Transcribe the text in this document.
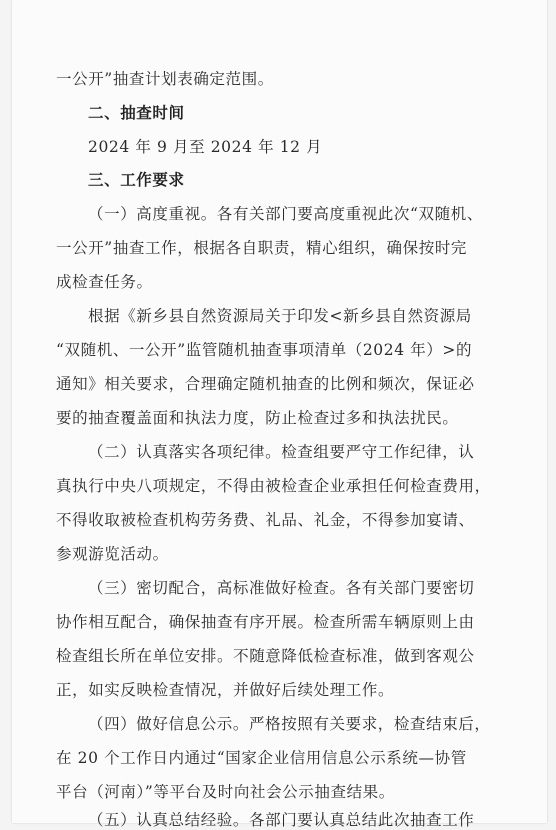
一公开”抽查计划表确定范围。
二、抽查时间
2024 年 9 月至 2024 年 12 月
三、工作要求
（一）高度重视。各有关部门要高度重视此次“双随机、
一公开”抽查工作，根据各自职责，精心组织，确保按时完
成检查任务。
根据《新乡县自然资源局关于印发<新乡县自然资源局
“双随机、一公开”监管随机抽查事项清单（2024 年）>的
通知》相关要求，合理确定随机抽查的比例和频次，保证必
要的抽查覆盖面和执法力度，防止检查过多和执法扰民。
（二）认真落实各项纪律。检查组要严守工作纪律，认
真执行中央八项规定，不得由被检查企业承担任何检查费用，
不得收取被检查机构劳务费、礼品、礼金，不得参加宴请、
参观游览活动。
（三）密切配合，高标准做好检查。各有关部门要密切
协作相互配合，确保抽查有序开展。检查所需车辆原则上由
检查组长所在单位安排。不随意降低检查标准，做到客观公
正，如实反映检查情况，并做好后续处理工作。
（四）做好信息公示。严格按照有关要求，检查结束后，
在 20 个工作日内通过“国家企业信用信息公示系统—协管
平台（河南）”等平台及时向社会公示抽查结果。
（五）认真总结经验。各部门要认真总结此次抽查工作
